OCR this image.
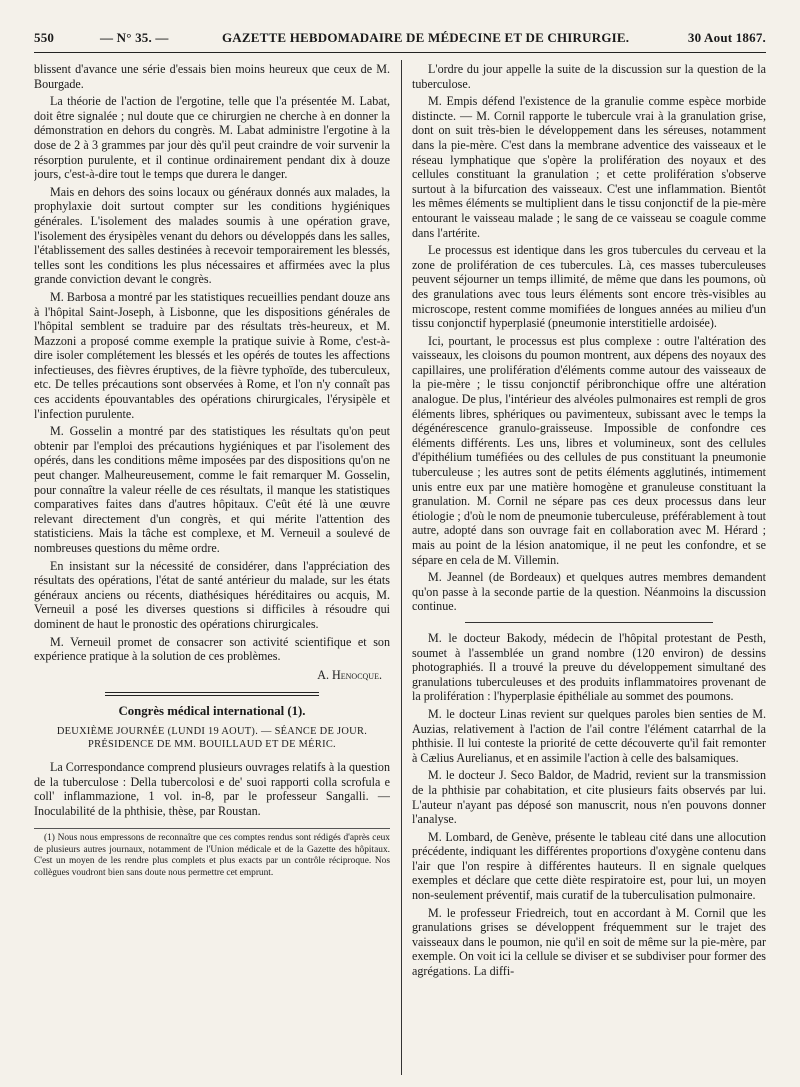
550	— N° 35. —	GAZETTE HEBDOMADAIRE DE MÉDECINE ET DE CHIRURGIE.	30 Aout 1867.

blissent d'avance une série d'essais bien moins heureux que ceux de M. Bourgade.

La théorie de l'action de l'ergotine, telle que l'a présentée M. Labat, doit être signalée ; nul doute que ce chirurgien ne cherche à en donner la démonstration en dehors du congrès. M. Labat administre l'ergotine à la dose de 2 à 3 grammes par jour dès qu'il peut craindre de voir survenir la résorption purulente, et il continue ordinairement pendant dix à douze jours, c'est-à-dire tout le temps que durera le danger.

Mais en dehors des soins locaux ou généraux donnés aux malades, la prophylaxie doit surtout compter sur les conditions hygiéniques générales. L'isolement des malades soumis à une opération grave, l'isolement des érysipèles venant du dehors ou développés dans les salles, l'établissement des salles destinées à recevoir temporairement les blessés, telles sont les conditions les plus nécessaires et affirmées avec la plus grande conviction devant le congrès.

M. Barbosa a montré par les statistiques recueillies pendant douze ans à l'hôpital Saint-Joseph, à Lisbonne, que les dispositions générales de l'hôpital semblent se traduire par des résultats très-heureux, et M. Mazzoni a proposé comme exemple la pratique suivie à Rome, c'est-à-dire isoler complétement les blessés et les opérés de toutes les affections infectieuses, des fièvres éruptives, de la fièvre typhoïde, des tuberculeux, etc. De telles précautions sont observées à Rome, et l'on n'y connaît pas ces accidents épouvantables des opérations chirurgicales, l'érysipèle et l'infection purulente.

M. Gosselin a montré par des statistiques les résultats qu'on peut obtenir par l'emploi des précautions hygiéniques et par l'isolement des opérés, dans les conditions même imposées par des dispositions qu'on ne peut changer. Malheureusement, comme le fait remarquer M. Gosselin, pour connaître la valeur réelle de ces résultats, il manque les statistiques comparatives faites dans d'autres hôpitaux. C'eût été là une œuvre relevant directement d'un congrès, et qui mérite l'attention des statisticiens. Mais la tâche est complexe, et M. Verneuil a soulevé de nombreuses questions du même ordre.

En insistant sur la nécessité de considérer, dans l'appréciation des résultats des opérations, l'état de santé antérieur du malade, sur les états généraux anciens ou récents, diathésiques héréditaires ou acquis, M. Verneuil a posé les diverses questions si difficiles à résoudre qui dominent de haut le pronostic des opérations chirurgicales.

M. Verneuil promet de consacrer son activité scientifique et son expérience pratique à la solution de ces problèmes.

A. Henocque.
Congrès médical international (1).
DEUXIÈME JOURNÉE (LUNDI 19 AOUT). — SÉANCE DE JOUR.
PRÉSIDENCE DE MM. BOUILLAUD ET DE MÉRIC.

La Correspondance comprend plusieurs ouvrages relatifs à la question de la tuberculose : Della tubercolosi e de' suoi rapporti colla scrofula e coll' inflammazione, 1 vol. in-8, par le professeur Sangalli. — Inoculabilité de la phthisie, thèse, par Roustan.

(1) Nous nous empressons de reconnaître que ces comptes rendus sont rédigés d'après ceux de plusieurs autres journaux, notamment de l'Union médicale et de la Gazette des hôpitaux. C'est un moyen de les rendre plus complets et plus exacts par un contrôle réciproque. Nos collègues voudront bien sans doute nous permettre cet emprunt.

L'ordre du jour appelle la suite de la discussion sur la question de la tuberculose.

M. Empis défend l'existence de la granulie comme espèce morbide distincte. — M. Cornil rapporte le tubercule vrai à la granulation grise, dont on suit très-bien le développement dans les séreuses, notamment dans la pie-mère. C'est dans la membrane adventice des vaisseaux et le réseau lymphatique que s'opère la prolifération des noyaux et des cellules constituant la granulation ; et cette prolifération s'observe surtout à la bifurcation des vaisseaux. C'est une inflammation. Bientôt les mêmes éléments se multiplient dans le tissu conjonctif de la pie-mère entourant le vaisseau malade ; le sang de ce vaisseau se coagule comme dans l'artérite.

Le processus est identique dans les gros tubercules du cerveau et la zone de prolifération de ces tubercules. Là, ces masses tuberculeuses peuvent séjourner un temps illimité, de même que dans les poumons, où des granulations avec tous leurs éléments sont encore très-visibles au microscope, restent comme momifiées de longues années au milieu d'un tissu conjonctif hyperplasié (pneumonie interstitielle ardoisée).

Ici, pourtant, le processus est plus complexe : outre l'altération des vaisseaux, les cloisons du poumon montrent, aux dépens des noyaux des capillaires, une prolifération d'éléments comme autour des vaisseaux de la pie-mère ; le tissu conjonctif péribronchique offre une altération analogue. De plus, l'intérieur des alvéoles pulmonaires est rempli de gros éléments libres, sphériques ou pavimenteux, subissant avec le temps la dégénérescence granulo-graisseuse. Impossible de confondre ces éléments différents. Les uns, libres et volumineux, sont des cellules d'épithélium tuméfiées ou des cellules de pus constituant la pneumonie tuberculeuse ; les autres sont de petits éléments agglutinés, intimement unis entre eux par une matière homogène et granuleuse constituant la granulation. M. Cornil ne sépare pas ces deux processus dans leur étiologie ; d'où le nom de pneumonie tuberculeuse, préférablement à tout autre, adopté dans son ouvrage fait en collaboration avec M. Hérard ; mais au point de la lésion anatomique, il ne peut les confondre, et se sépare en cela de M. Villemin.

M. Jeannel (de Bordeaux) et quelques autres membres demandent qu'on passe à la seconde partie de la question. Néanmoins la discussion continue.

M. le docteur Bakody, médecin de l'hôpital protestant de Pesth, soumet à l'assemblée un grand nombre (120 environ) de dessins photographiés. Il a trouvé la preuve du développement simultané des granulations tuberculeuses et des produits inflammatoires provenant de la prolifération : l'hyperplasie épithéliale au sommet des poumons.

M. le docteur Linas revient sur quelques paroles bien senties de M. Auzias, relativement à l'action de l'ail contre l'élément catarrhal de la phthisie. Il lui conteste la priorité de cette découverte qu'il fait remonter à Cælius Aurelianus, et en assimile l'action à celle des balsamiques.

M. le docteur J. Seco Baldor, de Madrid, revient sur la transmission de la phthisie par cohabitation, et cite plusieurs faits observés par lui. L'auteur n'ayant pas déposé son manuscrit, nous n'en pouvons donner l'analyse.

M. Lombard, de Genève, présente le tableau cité dans une allocution précédente, indiquant les différentes proportions d'oxygène contenu dans l'air que l'on respire à différentes hauteurs. Il en signale quelques exemples et déclare que cette diète respiratoire est, pour lui, un moyen non-seulement préventif, mais curatif de la tuberculisation pulmonaire.

M. le professeur Friedreich, tout en accordant à M. Cornil que les granulations grises se développent fréquemment sur le trajet des vaisseaux dans le poumon, nie qu'il en soit de même sur la pie-mère, par exemple. On voit ici la cellule se diviser et se subdiviser pour former des agrégations. La diffi-
